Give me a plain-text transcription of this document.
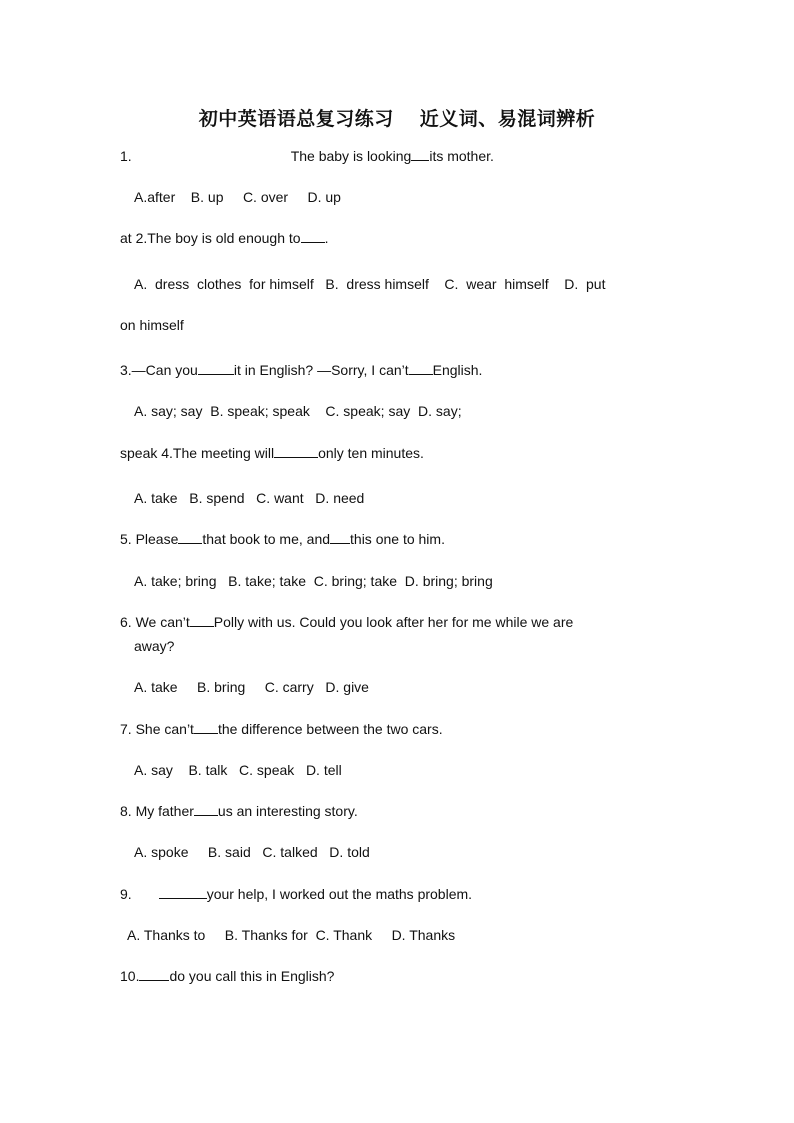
初中英语语总复习练习 近义词、易混词辨析
1.	The baby is looking its mother.
A.after    B. up     C. over     D. up
at 2.The boy is old enough to .
A.  dress  clothes  for himself   B.  dress himself    C.  wear  himself    D.  put
on himself
3.—Can you	it in English? —Sorry, I can’t English.
A. say; say  B. speak; speak    C. speak; say  D. say;
speak 4.The meeting will	only ten minutes.
A. take   B. spend   C. want   D. need
5. Please that book to me, and this one to him.
A. take; bring   B. take; take  C. bring; take  D. bring; bring
6. We can’t Polly with us. Could you look after her for me while we are
away?
A. take     B. bring     C. carry   D. give
7. She can’t the difference between the two cars.
A. say    B. talk   C. speak   D. tell
8. My father us an interesting story.
A. spoke     B. said   C. talked   D. told
9.	your help, I worked out the maths problem.
A. Thanks to     B. Thanks for  C. Thank     D. Thanks
10. do you call this in English?
